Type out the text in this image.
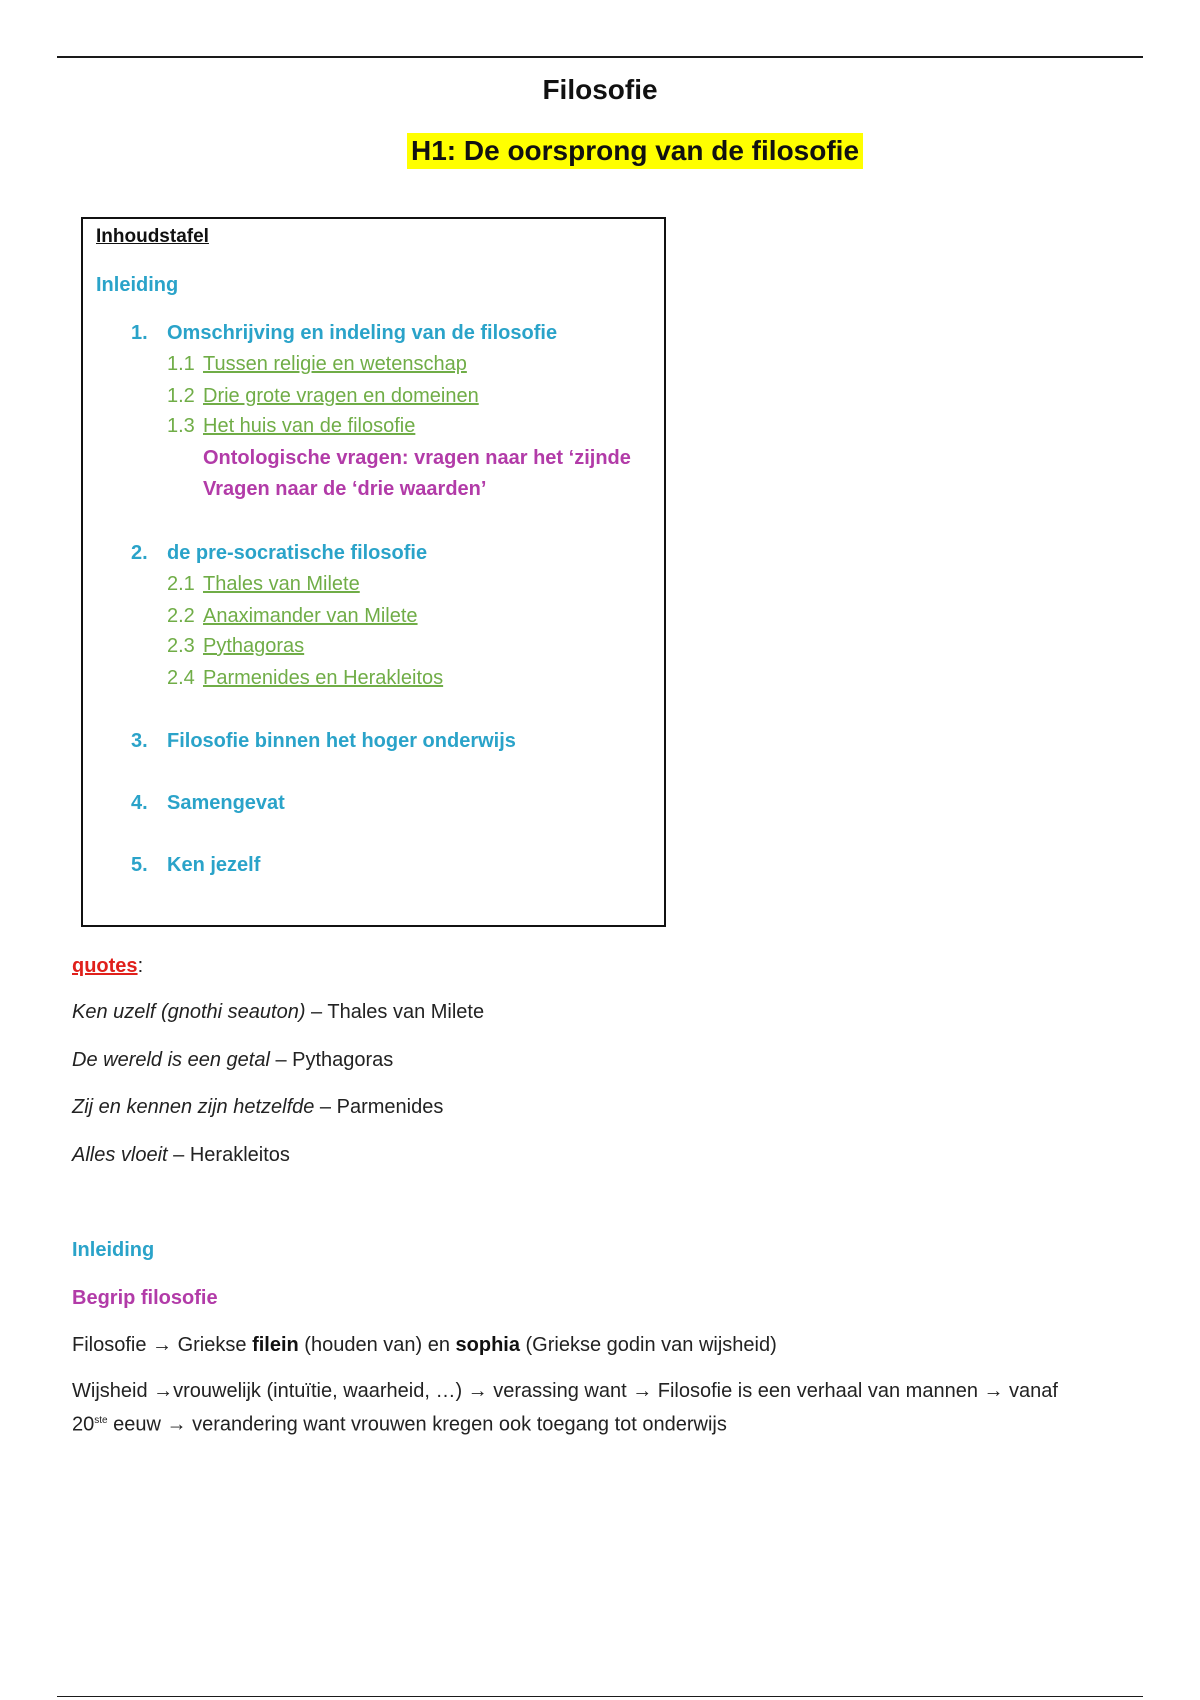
Filosofie
H1: De oorsprong van de filosofie
Inhoudstafel
Inleiding
1. Omschrijving en indeling van de filosofie
1.1 Tussen religie en wetenschap
1.2 Drie grote vragen en domeinen
1.3 Het huis van de filosofie
Ontologische vragen: vragen naar het ‘zijnde
Vragen naar de ‘drie waarden’
2. de pre-socratische filosofie
2.1 Thales van Milete
2.2 Anaximander van Milete
2.3 Pythagoras
2.4 Parmenides en Herakleitos
3. Filosofie binnen het hoger onderwijs
4. Samengevat
5. Ken jezelf
quotes:
Ken uzelf (gnothi seauton) – Thales van Milete
De wereld is een getal – Pythagoras
Zij en kennen zijn hetzelfde – Parmenides
Alles vloeit – Herakleitos
Inleiding
Begrip filosofie
Filosofie → Griekse filein (houden van) en sophia (Griekse godin van wijsheid)
Wijsheid →vrouwelijk (intuïtie, waarheid, …) → verassing want → Filosofie is een verhaal van mannen → vanaf
20ste eeuw → verandering want vrouwen kregen ook toegang tot onderwijs
